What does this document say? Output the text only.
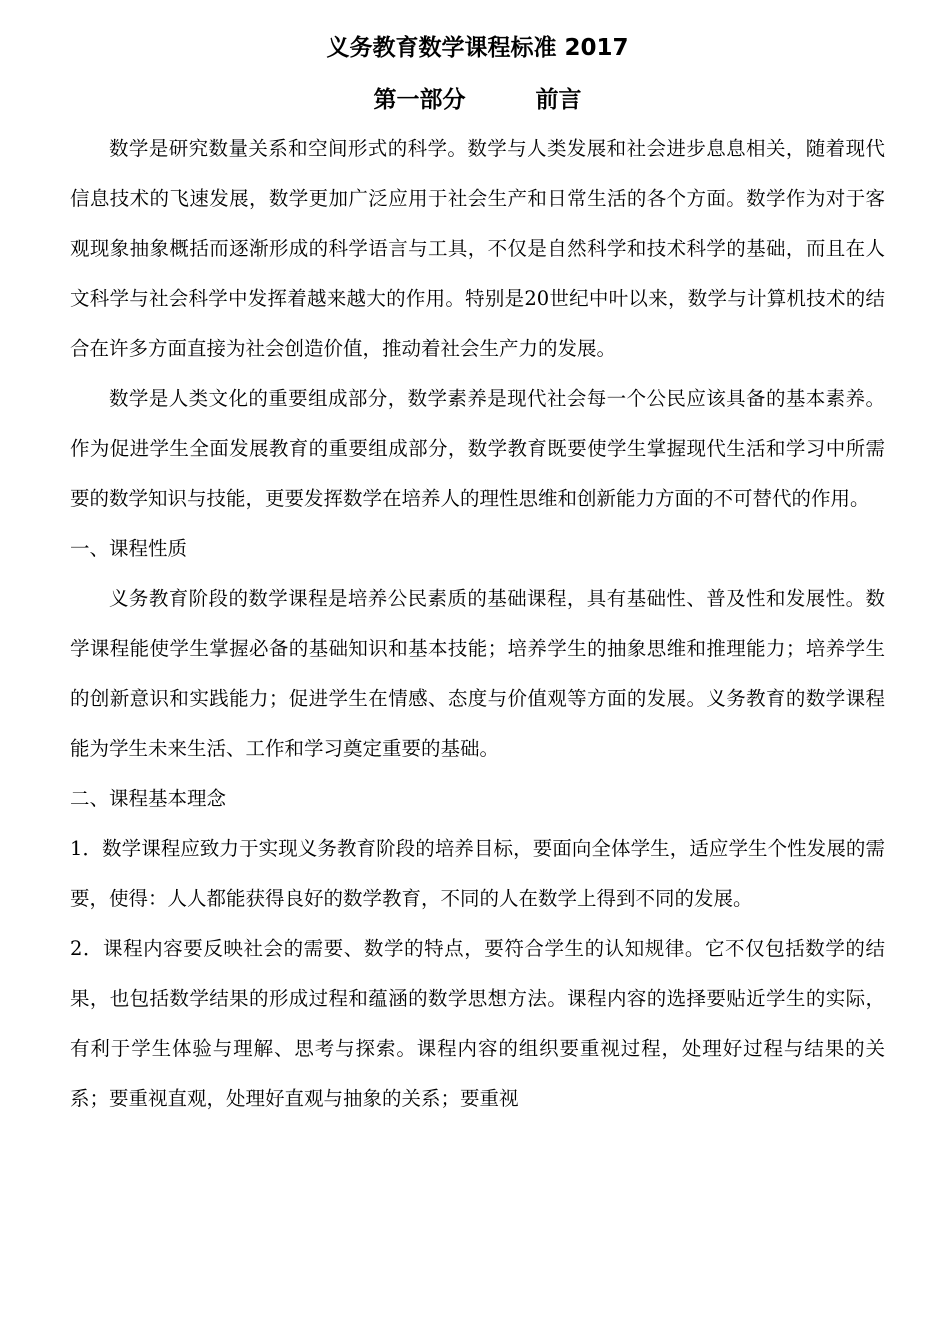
义务教育数学课程标准 2017
第一部分	前言

数学是研究数量关系和空间形式的科学。数学与人类发展和社会进步息息相关，随着现代信息技术的飞速发展，数学更加广泛应用于社会生产和日常生活的各个方面。数学作为对于客观现象抽象概括而逐渐形成的科学语言与工具，不仅是自然科学和技术科学的基础，而且在人文科学与社会科学中发挥着越来越大的作用。特别是20世纪中叶以来，数学与计算机技术的结合在许多方面直接为社会创造价值，推动着社会生产力的发展。

数学是人类文化的重要组成部分，数学素养是现代社会每一个公民应该具备的基本素养。作为促进学生全面发展教育的重要组成部分，数学教育既要使学生掌握现代生活和学习中所需要的数学知识与技能，更要发挥数学在培养人的理性思维和创新能力方面的不可替代的作用。

一、课程性质

义务教育阶段的数学课程是培养公民素质的基础课程，具有基础性、普及性和发展性。数学课程能使学生掌握必备的基础知识和基本技能；培养学生的抽象思维和推理能力；培养学生的创新意识和实践能力；促进学生在情感、态度与价值观等方面的发展。义务教育的数学课程能为学生未来生活、工作和学习奠定重要的基础。

二、课程基本理念

1．数学课程应致力于实现义务教育阶段的培养目标，要面向全体学生，适应学生个性发展的需要，使得：人人都能获得良好的数学教育，不同的人在数学上得到不同的发展。

2．课程内容要反映社会的需要、数学的特点，要符合学生的认知规律。它不仅包括数学的结果，也包括数学结果的形成过程和蕴涵的数学思想方法。课程内容的选择要贴近学生的实际，有利于学生体验与理解、思考与探索。课程内容的组织要重视过程，处理好过程与结果的关系；要重视直观，处理好直观与抽象的关系；要重视
